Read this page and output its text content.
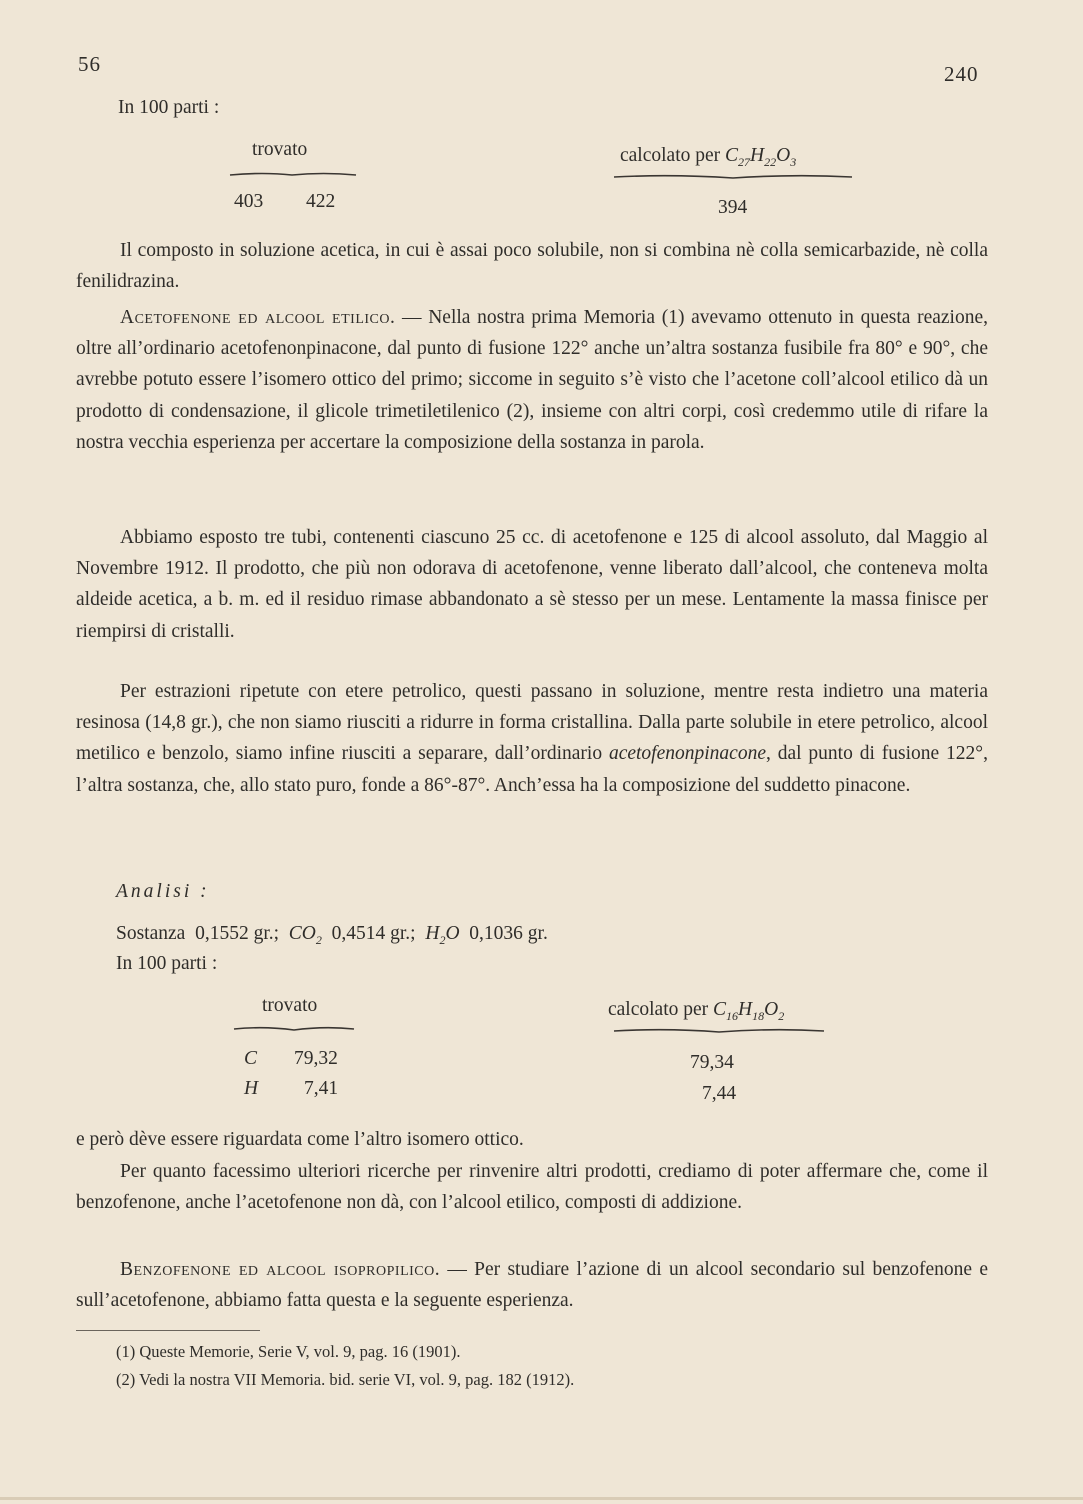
56	240
In 100 parti :
trovato
403 422
calcolato per $C_{27}H_{22}O_3$
394
Il composto in soluzione acetica, in cui è assai poco solubile, non si combina nè colla semicarbazide, nè colla fenilidrazina.
Acetofenone ed alcool etilico. — Nella nostra prima Memoria (1) avevamo ottenuto in questa reazione, oltre all’ordinario acetofenonpinacone, dal punto di fusione 122° anche un’altra sostanza fusibile fra 80° e 90°, che avrebbe potuto essere l’isomero ottico del primo; siccome in seguito s’è visto che l’acetone coll’alcool etilico dà un prodotto di condensazione, il glicole trimetiletilenico (2), insieme con altri corpi, così credemmo utile di rifare la nostra vecchia esperienza per accertare la composizione della sostanza in parola.
Abbiamo esposto tre tubi, contenenti ciascuno 25 cc. di acetofenone e 125 di alcool assoluto, dal Maggio al Novembre 1912. Il prodotto, che più non odorava di acetofenone, venne liberato dall’alcool, che conteneva molta aldeide acetica, a b. m. ed il residuo rimase abbandonato a sè stesso per un mese. Lentamente la massa finisce per riempirsi di cristalli.
Per estrazioni ripetute con etere petrolico, questi passano in soluzione, mentre resta indietro una materia resinosa (14,8 gr.), che non siamo riusciti a ridurre in forma cristallina. Dalla parte solubile in etere petrolico, alcool metilico e benzolo, siamo infine riusciti a separare, dall’ordinario acetofenonpinacone, dal punto di fusione 122°, l’altra sostanza, che, allo stato puro, fonde a 86°-87°. Anch’essa ha la composizione del suddetto pinacone.
Analisi :
Sostanza 0,1552 gr.; $CO_2$ 0,4514 gr.; $H_2O$ 0,1036 gr.
In 100 parti :
trovato
C 79,32
H 7,41
calcolato per $C_{16}H_{18}O_2$
79,34
7,44
e però dève essere riguardata come l’altro isomero ottico.
Per quanto facessimo ulteriori ricerche per rinvenire altri prodotti, crediamo di poter affermare che, come il benzofenone, anche l’acetofenone non dà, con l’alcool etilico, composti di addizione.
Benzofenone ed alcool isopropilico. — Per studiare l’azione di un alcool secondario sul benzofenone e sull’acetofenone, abbiamo fatta questa e la seguente esperienza.
(1) Queste Memorie, Serie V, vol. 9, pag. 16 (1901).
(2) Vedi la nostra VII Memoria. bid. serie VI, vol. 9, pag. 182 (1912).
